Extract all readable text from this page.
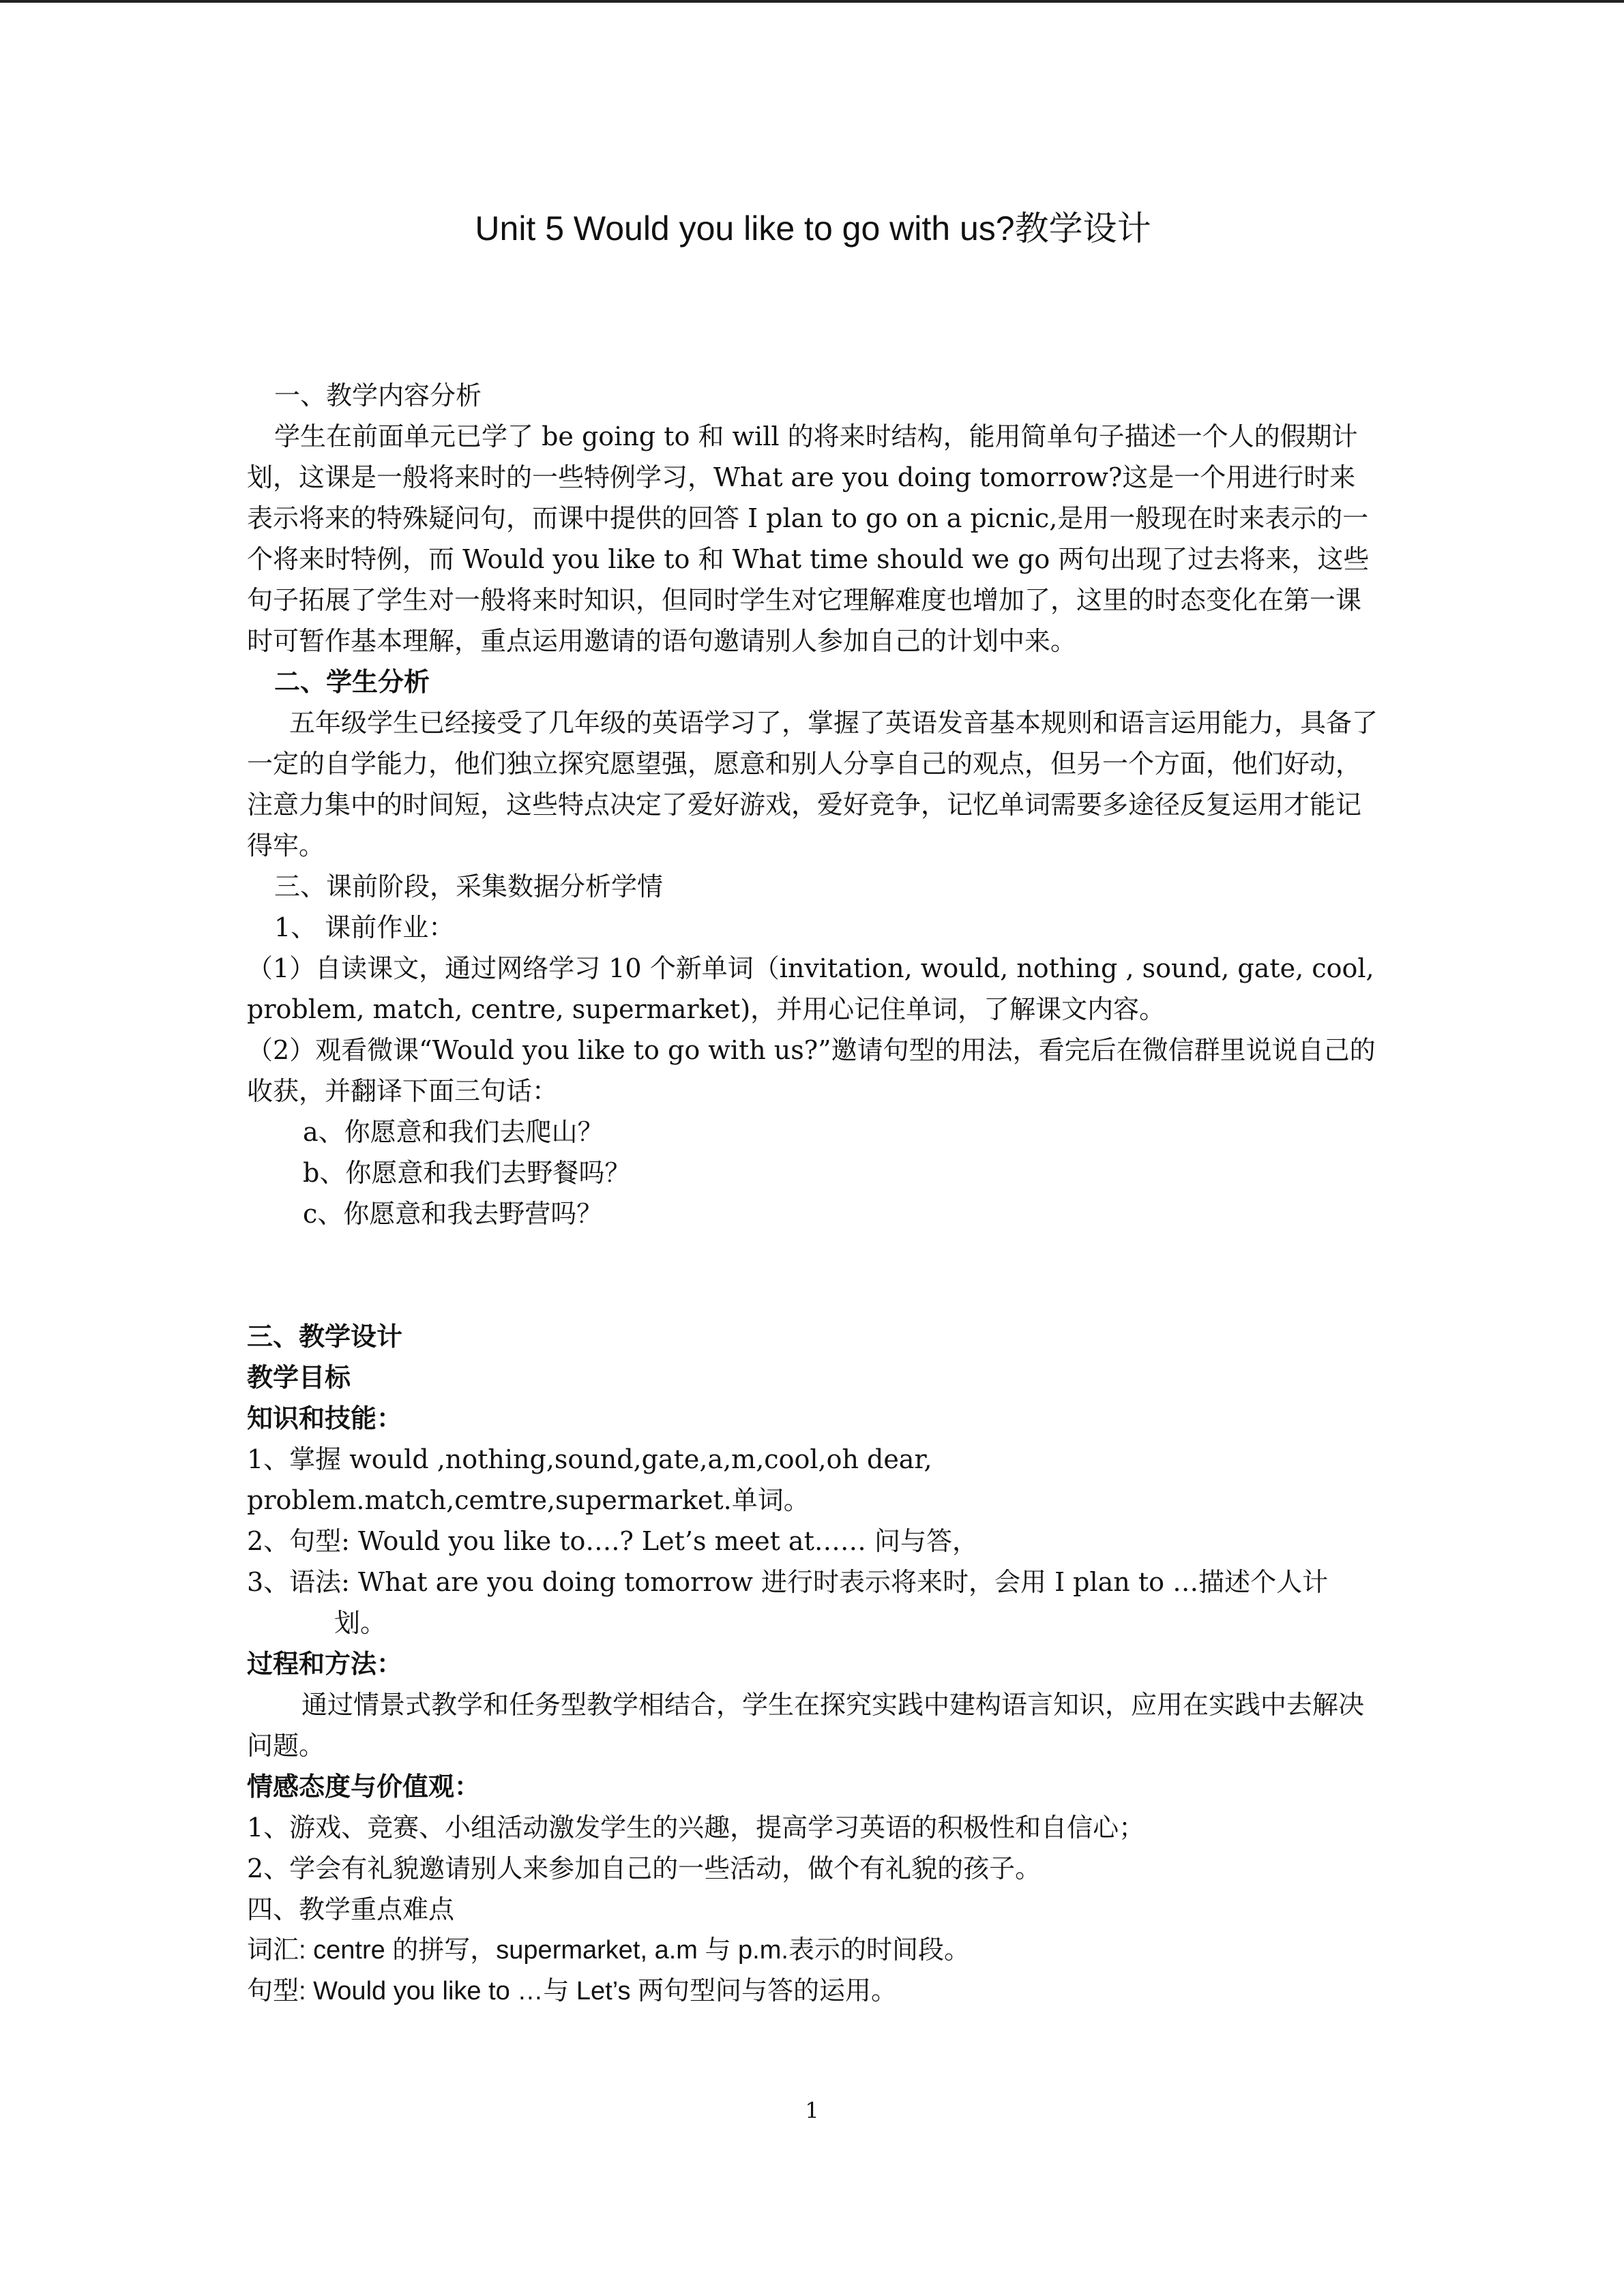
Unit 5 Would you like to go with us?教学设计

一、教学内容分析

学生在前面单元已学了 be going to 和 will 的将来时结构，能用简单句子描述一个人的假期计划，这课是一般将来时的一些特例学习，What are you doing tomorrow?这是一个用进行时来表示将来的特殊疑问句，而课中提供的回答 I plan to go on a picnic,是用一般现在时来表示的一个将来时特例，而 Would you like to 和 What time should we go 两句出现了过去将来，这些句子拓展了学生对一般将来时知识，但同时学生对它理解难度也增加了，这里的时态变化在第一课时可暂作基本理解，重点运用邀请的语句邀请别人参加自己的计划中来。

二、学生分析

五年级学生已经接受了几年级的英语学习了，掌握了英语发音基本规则和语言运用能力，具备了一定的自学能力，他们独立探究愿望强，愿意和别人分享自己的观点，但另一个方面，他们好动，注意力集中的时间短，这些特点决定了爱好游戏，爱好竞争，记忆单词需要多途径反复运用才能记得牢。

三、课前阶段，采集数据分析学情

1、 课前作业：

（1）自读课文，通过网络学习 10 个新单词（invitation, would, nothing , sound, gate, cool, problem, match, centre, supermarket)，并用心记住单词，了解课文内容。

（2）观看微课“Would you like to go with us?”邀请句型的用法，看完后在微信群里说说自己的收获，并翻译下面三句话：

a、你愿意和我们去爬山？

b、你愿意和我们去野餐吗？

c、你愿意和我去野营吗？

三、教学设计

教学目标

知识和技能：

1、掌握 would ,nothing,sound,gate,a,m,cool,oh dear, problem.match,cemtre,supermarket.单词。

2、句型: Would you like to….? Let’s meet at…… 问与答，

3、语法: What are you doing tomorrow 进行时表示将来时，会用 I plan to …描述个人计划。

过程和方法：

通过情景式教学和任务型教学相结合，学生在探究实践中建构语言知识，应用在实践中去解决问题。

情感态度与价值观：

1、游戏、竞赛、小组活动激发学生的兴趣，提高学习英语的积极性和自信心；

2、学会有礼貌邀请别人来参加自己的一些活动，做个有礼貌的孩子。

四、教学重点难点

词汇: centre 的拼写，supermarket, a.m 与 p.m.表示的时间段。

句型: Would you like to …与 Let’s 两句型问与答的运用。

1
